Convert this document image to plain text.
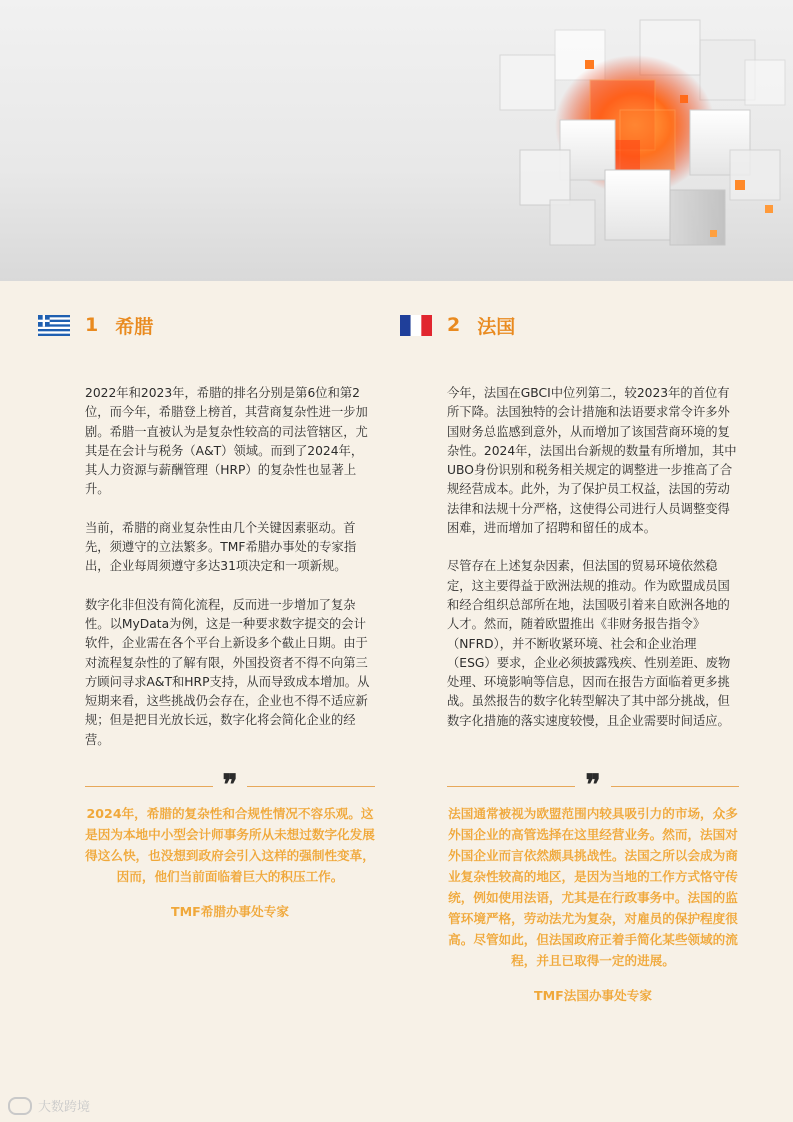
1 希腊

2022年和2023年，希腊的排名分别是第6位和第2位，而今年，希腊登上榜首，其营商复杂性进一步加剧。希腊一直被认为是复杂性较高的司法管辖区，尤其是在会计与税务（A&T）领域。而到了2024年，其人力资源与薪酬管理（HRP）的复杂性也显著上升。

当前，希腊的商业复杂性由几个关键因素驱动。首先，须遵守的立法繁多。TMF希腊办事处的专家指出，企业每周须遵守多达31项决定和一项新规。

数字化非但没有简化流程，反而进一步增加了复杂性。以MyData为例，这是一种要求数字提交的会计软件，企业需在各个平台上新设多个截止日期。由于对流程复杂性的了解有限，外国投资者不得不向第三方顾问寻求A&T和HRP支持，从而导致成本增加。从短期来看，这些挑战仍会存在，企业也不得不适应新规；但是把目光放长远，数字化将会简化企业的经营。

❞
2024年，希腊的复杂性和合规性情况不容乐观。这是因为本地中小型会计师事务所从未想过数字化发展得这么快，也没想到政府会引入这样的强制性变革，因而，他们当前面临着巨大的积压工作。
TMF希腊办事处专家
2 法国

今年，法国在GBCI中位列第二，较2023年的首位有所下降。法国独特的会计措施和法语要求常令许多外国财务总监感到意外，从而增加了该国营商环境的复杂性。2024年，法国出台新规的数量有所增加，其中UBO身份识别和税务相关规定的调整进一步推高了合规经营成本。此外，为了保护员工权益，法国的劳动法律和法规十分严格，这使得公司进行人员调整变得困难，进而增加了招聘和留任的成本。

尽管存在上述复杂因素，但法国的贸易环境依然稳定，这主要得益于欧洲法规的推动。作为欧盟成员国和经合组织总部所在地，法国吸引着来自欧洲各地的人才。然而，随着欧盟推出《非财务报告指令》（NFRD），并不断收紧环境、社会和企业治理（ESG）要求，企业必须披露残疾、性别差距、废物处理、环境影响等信息，因而在报告方面临着更多挑战。虽然报告的数字化转型解决了其中部分挑战，但数字化措施的落实速度较慢，且企业需要时间适应。

❞
法国通常被视为欧盟范围内较具吸引力的市场，众多外国企业的高管选择在这里经营业务。然而，法国对外国企业而言依然颇具挑战性。法国之所以会成为商业复杂性较高的地区，是因为当地的工作方式恪守传统，例如使用法语，尤其是在行政事务中。法国的监管环境严格，劳动法尤为复杂，对雇员的保护程度很高。尽管如此，但法国政府正着手简化某些领域的流程，并且已取得一定的进展。
TMF法国办事处专家
大数跨境
